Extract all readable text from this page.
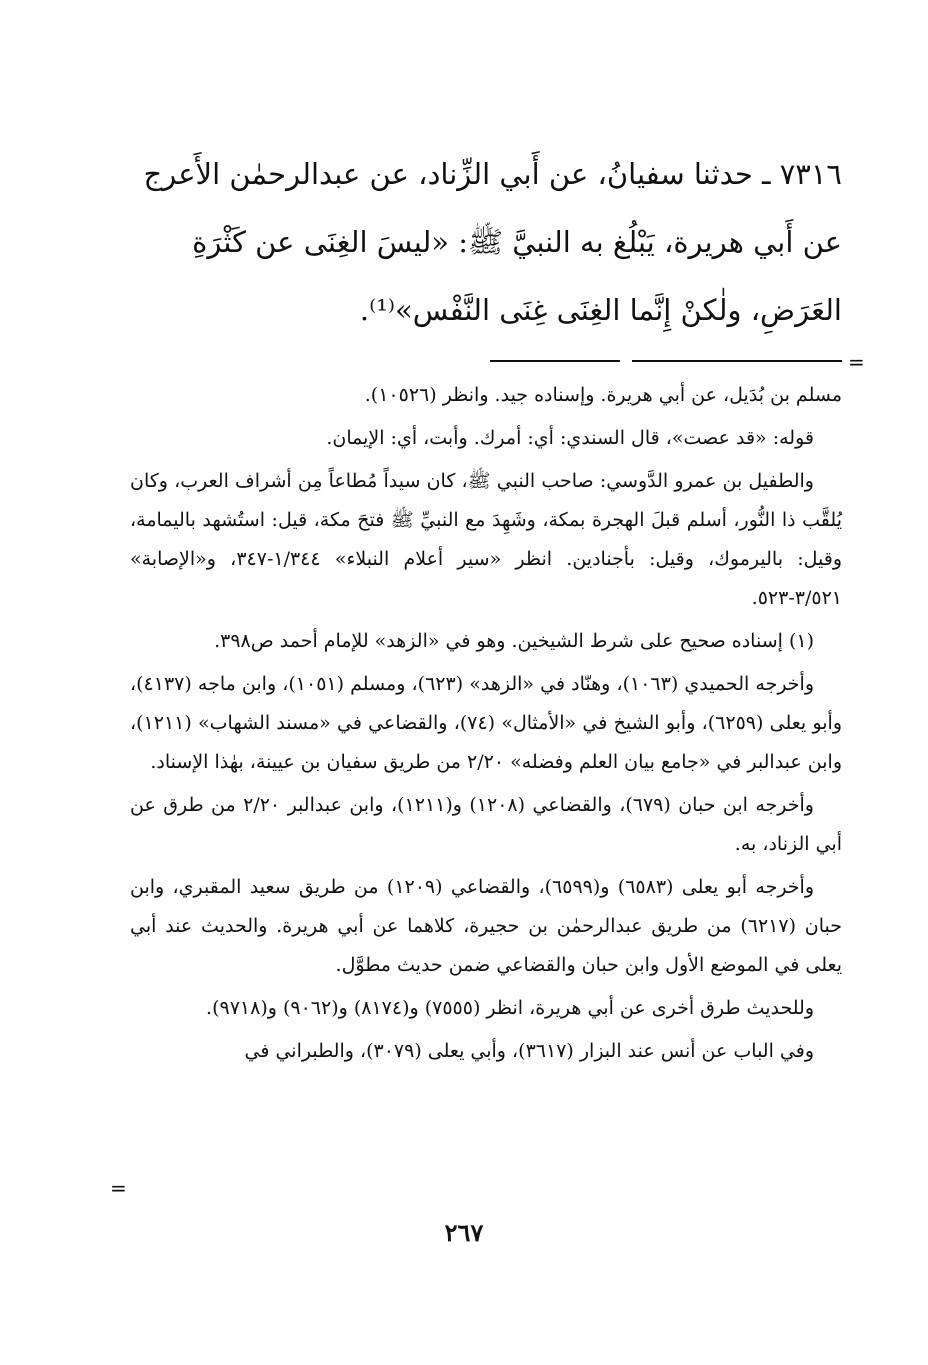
٧٣١٦ ـ حدثنا سفيانُ، عن أَبي الزِّناد، عن عبدالرحمٰن الأَعرج

عن أَبي هريرة، يَبْلُغ به النبيَّ ﷺ: «ليسَ الغِنَى عن كَثْرَةِ

العَرَضِ، ولٰكنْ إِنَّما الغِنَى غِنَى النَّفْس»⁽¹⁾.

مسلم بن بُدَيل، عن أبي هريرة. وإسناده جيد. وانظر (١٠٥٢٦).

قوله: «قد عصت»، قال السندي: أي: أمرك. وأبت، أي: الإيمان.

والطفيل بن عمرو الدَّوسي: صاحب النبي ﷺ، كان سيداً مُطاعاً مِن أشراف العرب، وكان يُلقَّب ذا النُّور، أسلم قبلَ الهجرة بمكة، وشَهِدَ مع النبيِّ ﷺ فتحَ مكة، قيل: استُشهد باليمامة، وقيل: باليرموك، وقيل: بأجنادين. انظر «سير أعلام النبلاء» ١/٣٤٤-٣٤٧، و«الإصابة» ٣/٥٢١-٥٢٣.

(١) إسناده صحيح على شرط الشيخين. وهو في «الزهد» للإمام أحمد ص٣٩٨.

وأخرجه الحميدي (١٠٦٣)، وهنّاد في «الزهد» (٦٢٣)، ومسلم (١٠٥١)، وابن ماجه (٤١٣٧)، وأبو يعلى (٦٢٥٩)، وأبو الشيخ في «الأمثال» (٧٤)، والقضاعي في «مسند الشهاب» (١٢١١)، وابن عبدالبر في «جامع بيان العلم وفضله» ٢/٢٠ من طريق سفيان بن عيينة، بهٰذا الإسناد.

وأخرجه ابن حبان (٦٧٩)، والقضاعي (١٢٠٨) و(١٢١١)، وابن عبدالبر ٢/٢٠ من طرق عن أبي الزناد، به.

وأخرجه أبو يعلى (٦٥٨٣) و(٦٥٩٩)، والقضاعي (١٢٠٩) من طريق سعيد المقبري، وابن حبان (٦٢١٧) من طريق عبدالرحمٰن بن حجيرة، كلاهما عن أبي هريرة. والحديث عند أبي يعلى في الموضع الأول وابن حبان والقضاعي ضمن حديث مطوَّل.

وللحديث طرق أخرى عن أبي هريرة، انظر (٧٥٥٥) و(٨١٧٤) و(٩٠٦٢) و(٩٧١٨).

وفي الباب عن أنس عند البزار (٣٦١٧)، وأبي يعلى (٣٠٧٩)، والطبراني في

=
=
٢٦٧
